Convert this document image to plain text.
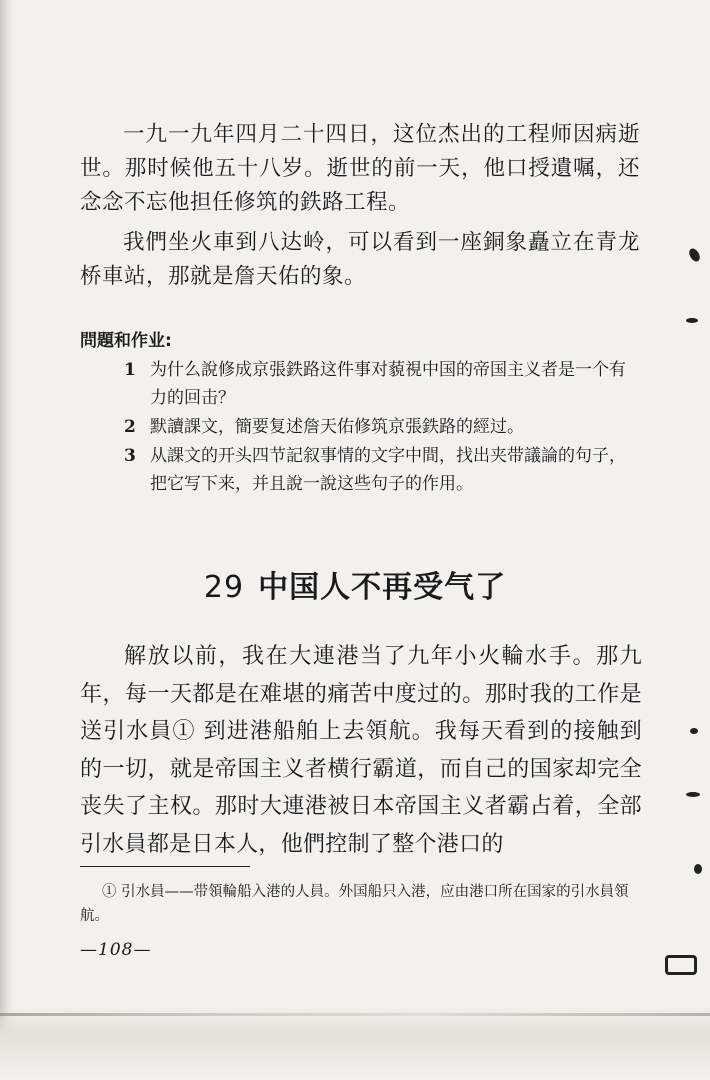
一九一九年四月二十四日，这位杰出的工程师因病逝世。那时候他五十八岁。逝世的前一天，他口授遺嘱，还念念不忘他担任修筑的鉄路工程。

我們坐火車到八达岭，可以看到一座銅象矗立在青龙桥車站，那就是詹天佑的象。

問題和作业:
1 为什么說修成京張鉄路这件事对藐視中国的帝国主义者是一个有力的回击？
2 默讀課文，簡要复述詹天佑修筑京張鉄路的經过。
3 从課文的开头四节記叙事情的文字中間，找出夹带議論的句子，把它写下来，并且說一說这些句子的作用。
29 中国人不再受气了

解放以前，我在大連港当了九年小火輪水手。那九年，每一天都是在难堪的痛苦中度过的。那时我的工作是送引水員① 到进港船舶上去領航。我每天看到的接触到的一切，就是帝国主义者横行霸道，而自己的国家却完全丧失了主权。那时大連港被日本帝国主义者霸占着，全部引水員都是日本人，他們控制了整个港口的

① 引水員——带領輪船入港的人員。外国船只入港，应由港口所在国家的引水員領航。

—108—
